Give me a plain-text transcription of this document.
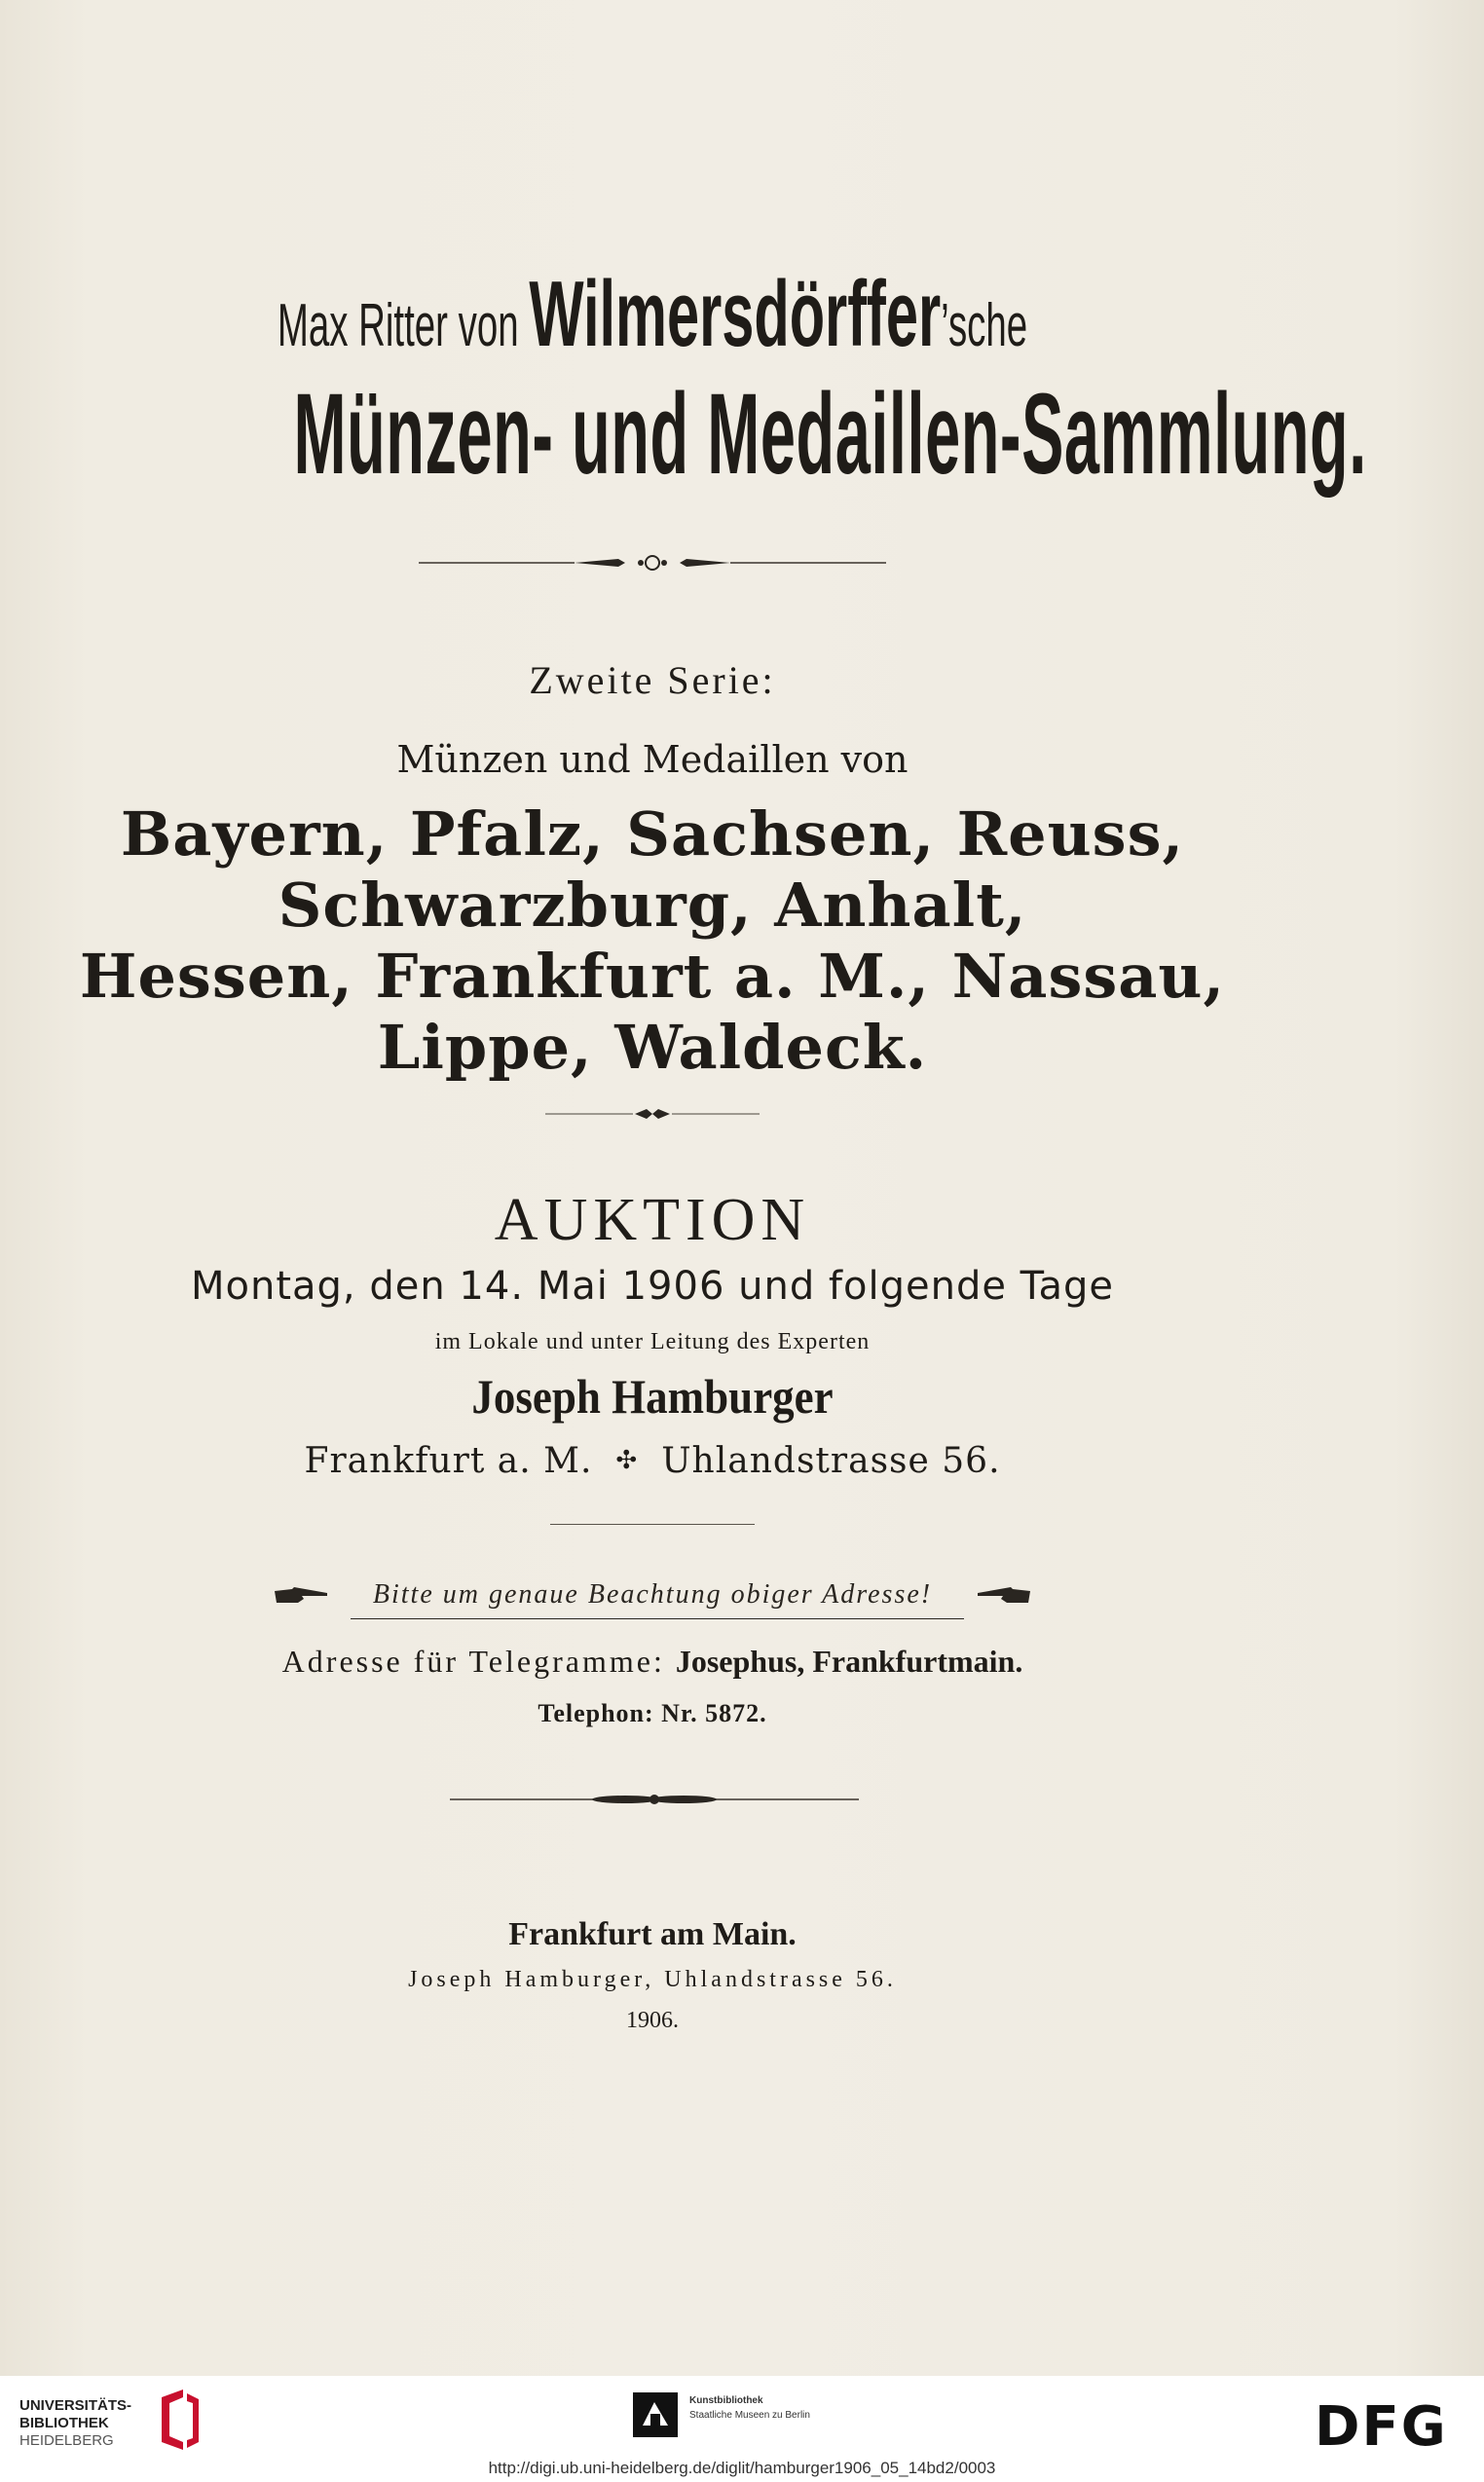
Max Ritter von Wilmersdörffer’sche
Münzen- und Medaillen-Sammlung.
Zweite Serie:
Münzen und Medaillen von
Bayern, Pfalz, Sachsen, Reuss,
Schwarzburg, Anhalt,
Hessen, Frankfurt a. M., Nassau,
Lippe, Waldeck.
AUKTION
Montag, den 14. Mai 1906 und folgende Tage
im Lokale und unter Leitung des Experten
Joseph Hamburger
Frankfurt a. M. ✣ Uhlandstrasse 56.
Bitte um genaue Beachtung obiger Adresse!
Adresse für Telegramme: Josephus, Frankfurtmain.
Telephon: Nr. 5872.
Frankfurt am Main.
Joseph Hamburger, Uhlandstrasse 56.
1906.
UNIVERSITÄTS-
BIBLIOTHEK
HEIDELBERG
Kunstbibliothek
Staatliche Museen zu Berlin	DFG
http://digi.ub.uni-heidelberg.de/diglit/hamburger1906_05_14bd2/0003
